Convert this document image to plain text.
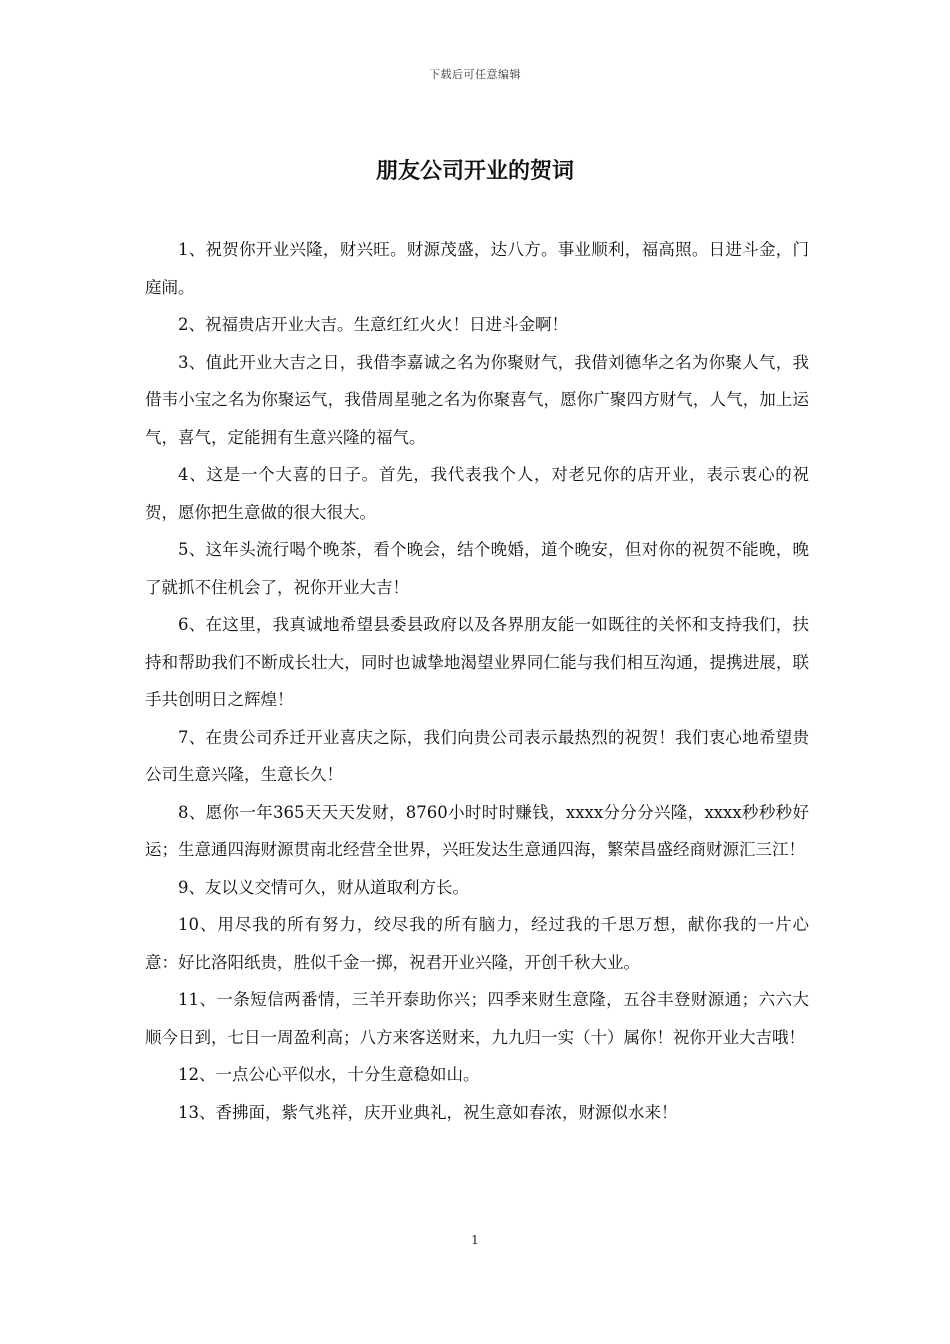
下载后可任意编辑
朋友公司开业的贺词

1、祝贺你开业兴隆，财兴旺。财源茂盛，达八方。事业顺利，福高照。日进斗金，门庭闹。

2、祝福贵店开业大吉。生意红红火火！日进斗金啊！

3、值此开业大吉之日，我借李嘉诚之名为你聚财气，我借刘德华之名为你聚人气，我借韦小宝之名为你聚运气，我借周星驰之名为你聚喜气，愿你广聚四方财气，人气，加上运气，喜气，定能拥有生意兴隆的福气。

4、这是一个大喜的日子。首先，我代表我个人，对老兄你的店开业，表示衷心的祝贺，愿你把生意做的很大很大。

5、这年头流行喝个晚茶，看个晚会，结个晚婚，道个晚安，但对你的祝贺不能晚，晚了就抓不住机会了，祝你开业大吉！

6、在这里，我真诚地希望县委县政府以及各界朋友能一如既往的关怀和支持我们，扶持和帮助我们不断成长壮大，同时也诚挚地渴望业界同仁能与我们相互沟通，提携进展，联手共创明日之辉煌！

7、在贵公司乔迁开业喜庆之际，我们向贵公司表示最热烈的祝贺！我们衷心地希望贵公司生意兴隆，生意长久！

8、愿你一年365天天天发财，8760小时时时赚钱，xxxx分分分兴隆，xxxx秒秒秒好运；生意通四海财源贯南北经营全世界，兴旺发达生意通四海，繁荣昌盛经商财源汇三江！

9、友以义交情可久，财从道取利方长。

10、用尽我的所有努力，绞尽我的所有脑力，经过我的千思万想，献你我的一片心意：好比洛阳纸贵，胜似千金一掷，祝君开业兴隆，开创千秋大业。

11、一条短信两番情，三羊开泰助你兴；四季来财生意隆，五谷丰登财源通；六六大顺今日到，七日一周盈利高；八方来客送财来，九九归一实（十）属你！祝你开业大吉哦！

12、一点公心平似水，十分生意稳如山。

13、香拂面，紫气兆祥，庆开业典礼，祝生意如春浓，财源似水来！

1
